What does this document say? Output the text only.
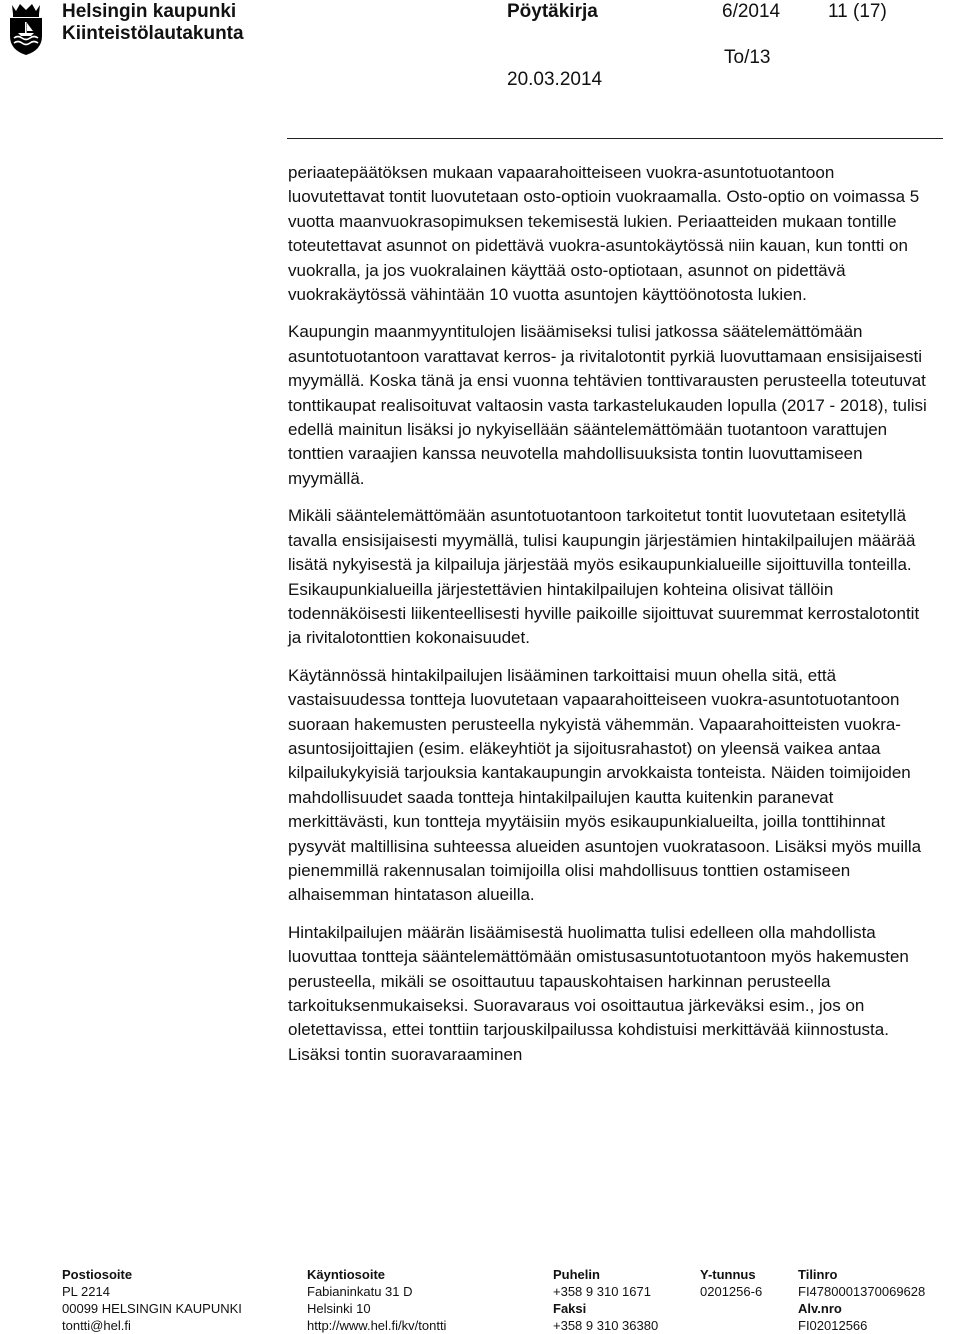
Helsingin kaupunki
Kiinteistölautakunta
Pöytäkirja	6/2014	11 (17)
To/13
20.03.2014

periaatepäätöksen mukaan vapaarahoitteiseen vuokra-asuntotuotantoon luovutettavat tontit luovutetaan osto-optioin vuokraamalla. Osto-optio on voimassa 5 vuotta maanvuokrasopimuksen tekemisestä lukien. Periaatteiden mukaan tontille toteutettavat asunnot on pidettävä vuokra-asuntokäytössä niin kauan, kun tontti on vuokralla, ja jos vuokralainen käyttää osto-optiotaan, asunnot on pidettävä vuokrakäytössä vähintään 10 vuotta asuntojen käyttöönotosta lukien.

Kaupungin maanmyyntitulojen lisäämiseksi tulisi jatkossa säätelemättömään asuntotuotantoon varattavat kerros- ja rivitalotontit pyrkiä luovuttamaan ensisijaisesti myymällä. Koska tänä ja ensi vuonna tehtävien tonttivarausten perusteella toteutuvat tonttikaupat realisoituvat valtaosin vasta tarkastelukauden lopulla (2017 - 2018), tulisi edellä mainitun lisäksi jo nykyisellään sääntelemättömään tuotantoon varattujen tonttien varaajien kanssa neuvotella mahdollisuuksista tontin luovuttamiseen myymällä.

Mikäli sääntelemättömään asuntotuotantoon tarkoitetut tontit luovutetaan esitetyllä tavalla ensisijaisesti myymällä, tulisi kaupungin järjestämien hintakilpailujen määrää lisätä nykyisestä ja kilpailuja järjestää myös esikaupunkialueille sijoittuvilla tonteilla. Esikaupunkialueilla järjestettävien hintakilpailujen kohteina olisivat tällöin todennäköisesti liikenteellisesti hyville paikoille sijoittuvat suuremmat kerrostalotontit ja rivitalotonttien kokonaisuudet.

Käytännössä hintakilpailujen lisääminen tarkoittaisi muun ohella sitä, että vastaisuudessa tontteja luovutetaan vapaarahoitteiseen vuokra-asuntotuotantoon suoraan hakemusten perusteella nykyistä vähemmän. Vapaarahoitteisten vuokra-asuntosijoittajien (esim. eläkeyhtiöt ja sijoitusrahastot) on yleensä vaikea antaa kilpailukykyisiä tarjouksia kantakaupungin arvokkaista tonteista. Näiden toimijoiden mahdollisuudet saada tontteja hintakilpailujen kautta kuitenkin paranevat merkittävästi, kun tontteja myytäisiin myös esikaupunkialueilta, joilla tonttihinnat pysyvät maltillisina suhteessa alueiden asuntojen vuokratasoon. Lisäksi myös muilla pienemmillä rakennusalan toimijoilla olisi mahdollisuus tonttien ostamiseen alhaisemman hintatason alueilla.

Hintakilpailujen määrän lisäämisestä huolimatta tulisi edelleen olla mahdollista luovuttaa tontteja sääntelemättömään omistusasuntotuotantoon myös hakemusten perusteella, mikäli se osoittautuu tapauskohtaisen harkinnan perusteella tarkoituksenmukaiseksi. Suoravaraus voi osoittautua järkeväksi esim., jos on oletettavissa, ettei tonttiin tarjouskilpailussa kohdistuisi merkittävää kiinnostusta. Lisäksi tontin suoravaraaminen

Postiosoite
PL 2214
00099 HELSINGIN KAUPUNKI
tontti@hel.fi
Käyntiosoite
Fabianinkatu 31 D
Helsinki 10
http://www.hel.fi/kv/tontti
Puhelin
+358 9 310 1671
Faksi
+358 9 310 36380
Y-tunnus
0201256-6
Tilinro
FI4780001370069628
Alv.nro
FI02012566
